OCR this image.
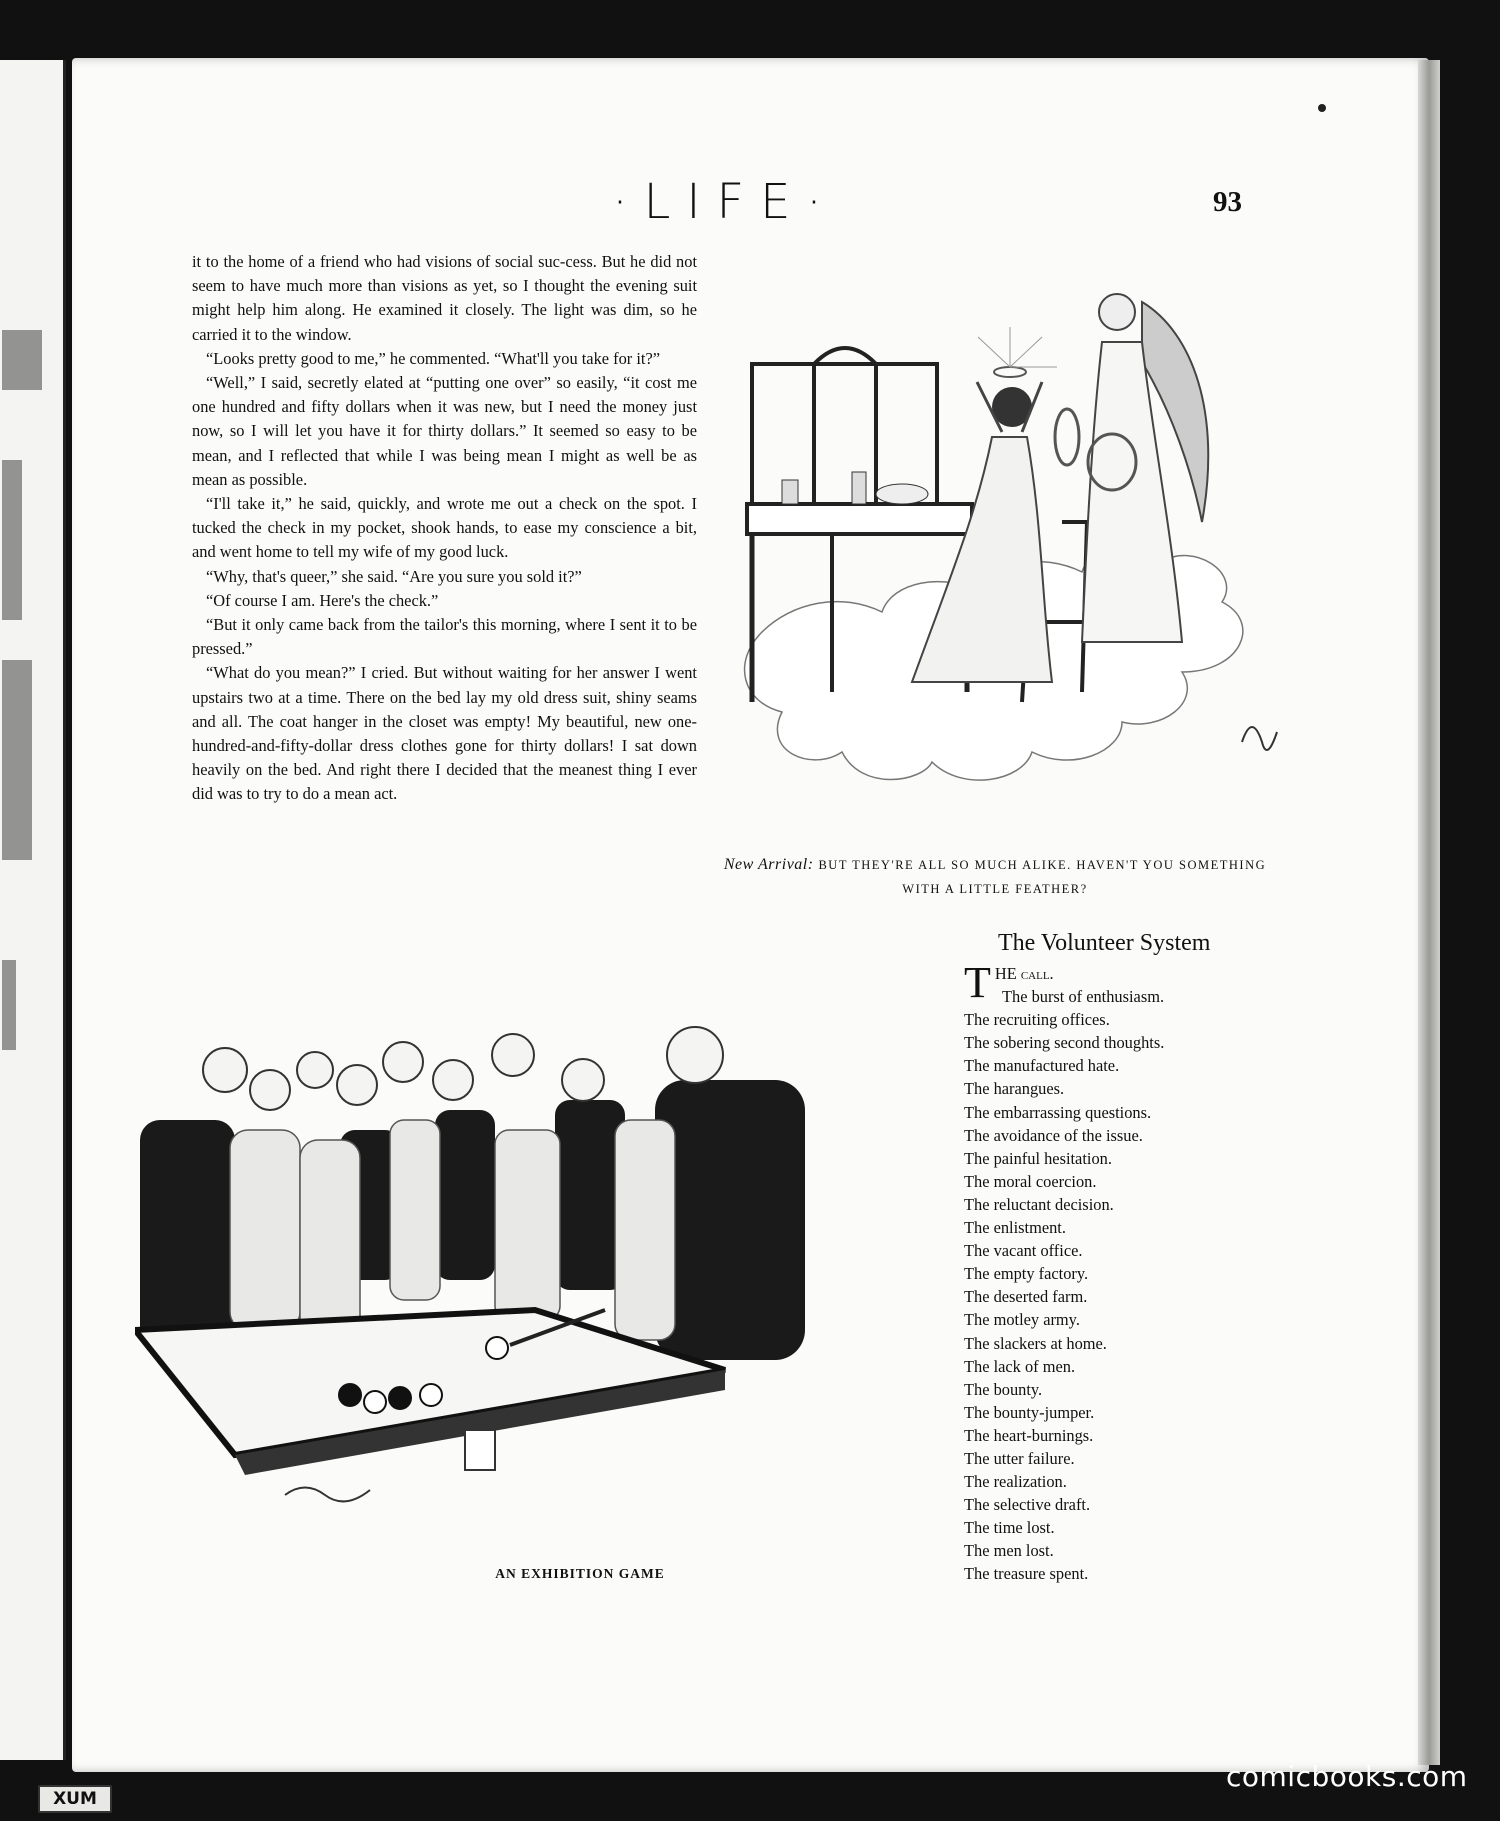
·LIFE·	93

it to the home of a friend who had visions of social suc-cess. But he did not seem to have much more than visions as yet, so I thought the evening suit might help him along. He examined it closely. The light was dim, so he carried it to the window.

“Looks pretty good to me,” he commented. “What'll you take for it?”

“Well,” I said, secretly elated at “putting one over” so easily, “it cost me one hundred and fifty dollars when it was new, but I need the money just now, so I will let you have it for thirty dollars.” It seemed so easy to be mean, and I reflected that while I was being mean I might as well be as mean as possible.

“I'll take it,” he said, quickly, and wrote me out a check on the spot. I tucked the check in my pocket, shook hands, to ease my conscience a bit, and went home to tell my wife of my good luck.

“Why, that's queer,” she said. “Are you sure you sold it?”

“Of course I am. Here's the check.”

“But it only came back from the tailor's this morning, where I sent it to be pressed.”

“What do you mean?” I cried. But without waiting for her answer I went upstairs two at a time. There on the bed lay my old dress suit, shiny seams and all. The coat hanger in the closet was empty! My beautiful, new one-hundred-and-fifty-dollar dress clothes gone for thirty dollars! I sat down heavily on the bed. And right there I decided that the meanest thing I ever did was to try to do a mean act.

New Arrival: BUT THEY'RE ALL SO MUCH ALIKE. HAVEN'T YOU SOMETHING WITH A LITTLE FEATHER?
AN EXHIBITION GAME
The Volunteer System
T HE call.
The burst of enthusiasm.
The recruiting offices.
The sobering second thoughts.
The manufactured hate.
The harangues.
The embarrassing questions.
The avoidance of the issue.
The painful hesitation.
The moral coercion.
The reluctant decision.
The enlistment.
The vacant office.
The empty factory.
The deserted farm.
The motley army.
The slackers at home.
The lack of men.
The bounty.
The bounty-jumper.
The heart-burnings.
The utter failure.
The realization.
The selective draft.
The time lost.
The men lost.
The treasure spent.
XUM
comicbooks.com
